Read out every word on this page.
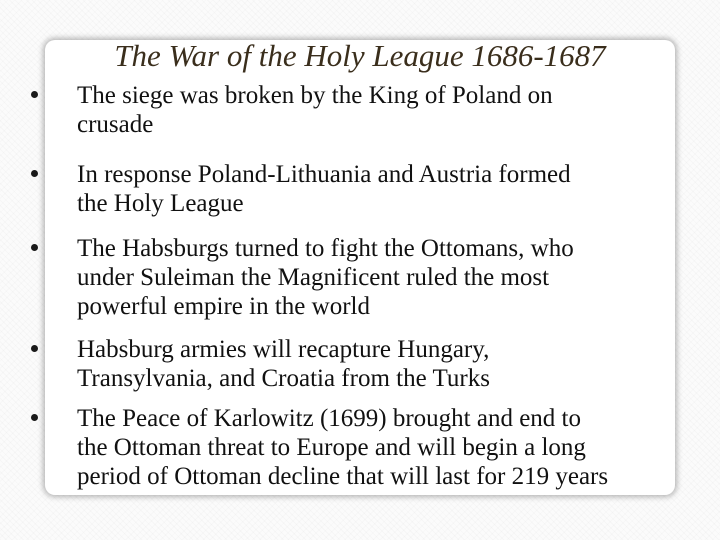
The War of the Holy League 1686-1687
The siege was broken by the King of Poland on
crusade
In response Poland-Lithuania and Austria formed
the Holy League
The Habsburgs turned to fight the Ottomans, who
under Suleiman the Magnificent ruled the most
powerful empire in the world
Habsburg armies will recapture Hungary,
Transylvania, and Croatia from the Turks
The Peace of Karlowitz (1699) brought and end to
the Ottoman threat to Europe and will begin a long
period of Ottoman decline that will last for 219 years
